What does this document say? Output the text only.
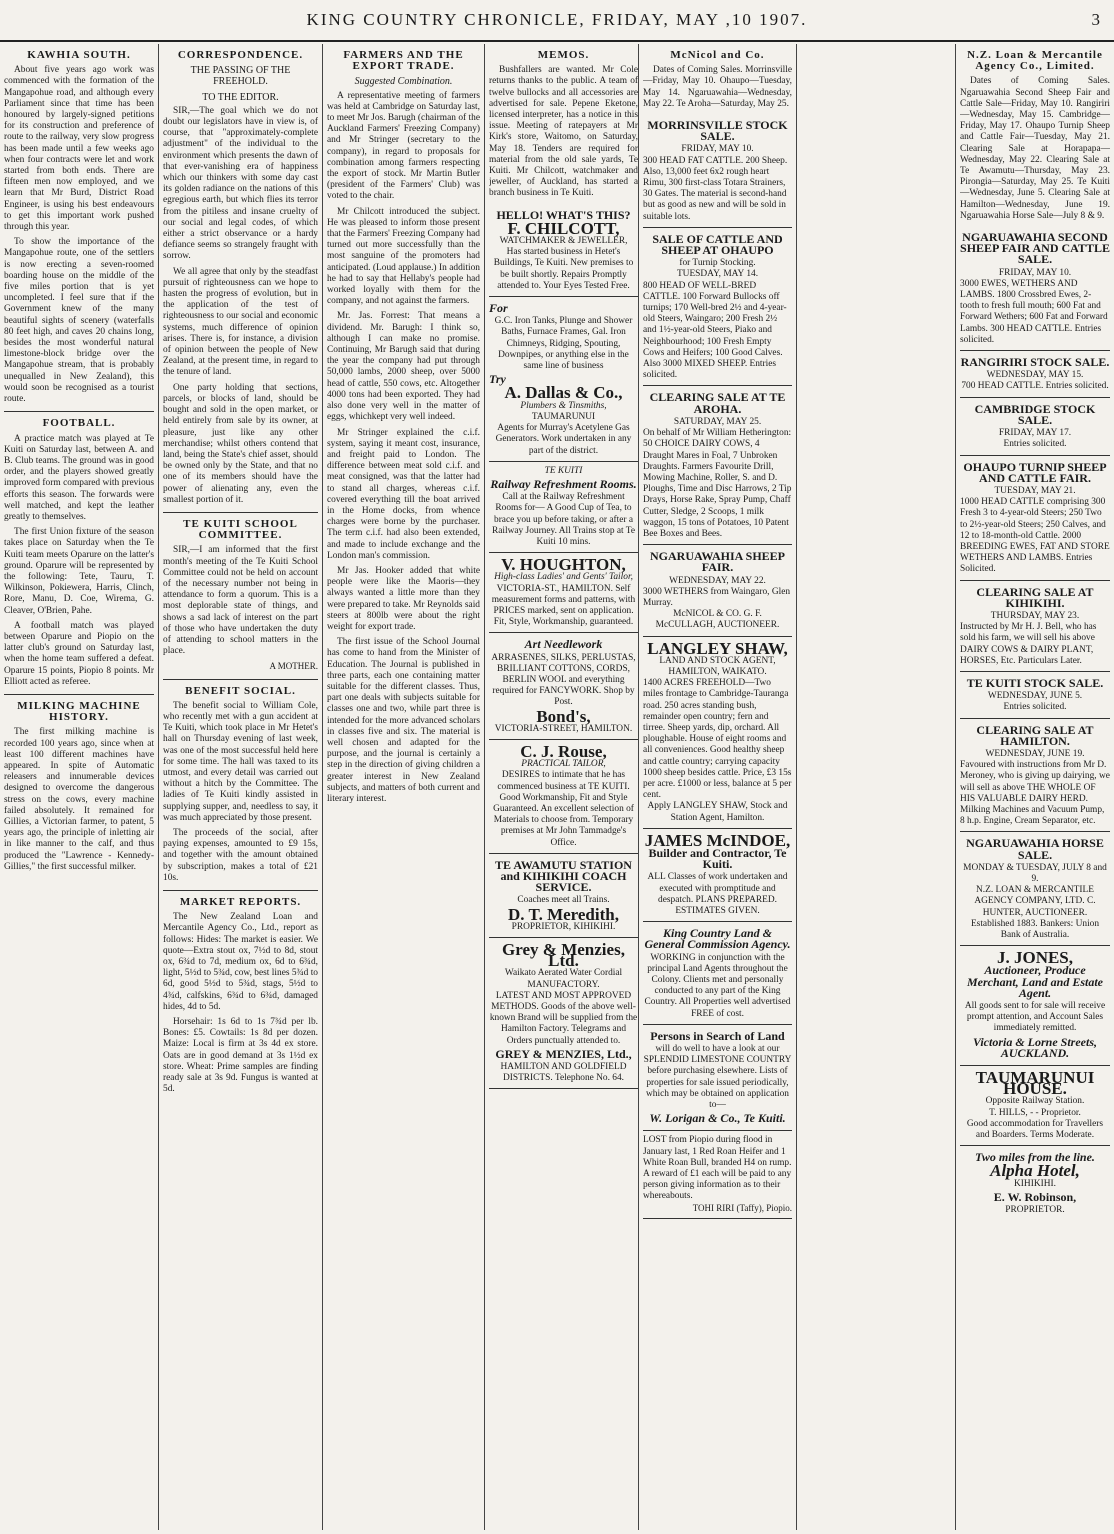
KING COUNTRY CHRONICLE, FRIDAY, MAY ,10 1907.	3
KAWHIA SOUTH.

About five years ago work was commenced with the formation of the Mangapohue road, and although every Parliament since that time has been honoured by largely-signed petitions for its construction and preference of route to the railway, very slow progress has been made until a few weeks ago when four contracts were let and work started from both ends. There are fifteen men now employed, and we learn that Mr Burd, District Road Engineer, is using his best endeavours to get this important work pushed through this year.

To show the importance of the Mangapohue route, one of the settlers is now erecting a seven-roomed boarding house on the middle of the five miles portion that is yet uncompleted. I feel sure that if the Government knew of the many beautiful sights of scenery (waterfalls 80 feet high, and caves 20 chains long, besides the most wonderful natural limestone-block bridge over the Mangapohue stream, that is probably unequalled in New Zealand), this would soon be recognised as a tourist route.

FOOTBALL.

A practice match was played at Te Kuiti on Saturday last, between A. and B. Club teams. The ground was in good order, and the players showed greatly improved form compared with previous efforts this season. The forwards were well matched, and kept the leather greatly to themselves.

The first Union fixture of the season takes place on Saturday when the Te Kuiti team meets Oparure on the latter's ground. Oparure will be represented by the following: Tete, Tauru, T. Wilkinson, Pokiewera, Harris, Clinch, Rore, Manu, D. Coe, Wirema, G. Cleaver, O'Brien, Pahe.

A football match was played between Oparure and Piopio on the latter club's ground on Saturday last, when the home team suffered a defeat. Oparure 15 points, Piopio 8 points. Mr Elliott acted as referee.

MILKING MACHINE HISTORY.

The first milking machine is recorded 100 years ago, since when at least 100 different machines have appeared. In spite of Automatic releasers and innumerable devices designed to overcome the dangerous stress on the cows, every machine failed absolutely. It remained for Gillies, a Victorian farmer, to patent, 5 years ago, the principle of inletting air in like manner to the calf, and thus produced the "Lawrence - Kennedy-Gillies," the first successful milker.

CORRESPONDENCE.
THE PASSING OF THE FREEHOLD.
TO THE EDITOR.

SIR,—The goal which we do not doubt our legislators have in view is, of course, that "approximately-complete adjustment" of the individual to the environment which presents the dawn of that ever-vanishing era of happiness which our thinkers with some day cast its golden radiance on the nations of this egregious earth, but which flies its terror from the pitiless and insane cruelty of our social and legal codes, of which either a strict observance or a hardy defiance seems so strangely fraught with sorrow.

We all agree that only by the steadfast pursuit of righteousness can we hope to hasten the progress of evolution, but in the application of the test of righteousness to our social and economic systems, much difference of opinion arises. There is, for instance, a division of opinion between the people of New Zealand, at the present time, in regard to the tenure of land.

One party holding that sections, parcels, or blocks of land, should be bought and sold in the open market, or held entirely from sale by its owner, at pleasure, just like any other merchandise; whilst others contend that land, being the State's chief asset, should be owned only by the State, and that no one of its members should have the power of alienating any, even the smallest portion of it.

TE KUITI SCHOOL COMMITTEE.

SIR,—I am informed that the first month's meeting of the Te Kuiti School Committee could not be held on account of the necessary number not being in attendance to form a quorum. This is a most deplorable state of things, and shows a sad lack of interest on the part of those who have undertaken the duty of attending to school matters in the place.

A MOTHER.
BENEFIT SOCIAL.

The benefit social to William Cole, who recently met with a gun accident at Te Kuiti, which took place in Mr Hetet's hall on Thursday evening of last week, was one of the most successful held here for some time. The hall was taxed to its utmost, and every detail was carried out without a hitch by the Committee. The ladies of Te Kuiti kindly assisted in supplying supper, and, needless to say, it was much appreciated by those present.

The proceeds of the social, after paying expenses, amounted to £9 15s, and together with the amount obtained by subscription, makes a total of £21 10s.

MARKET REPORTS.

The New Zealand Loan and Mercantile Agency Co., Ltd., report as follows: Hides: The market is easier. We quote—Extra stout ox, 7½d to 8d, stout ox, 6¾d to 7d, medium ox, 6d to 6¾d, light, 5½d to 5¾d, cow, best lines 5¾d to 6d, good 5½d to 5¾d, stags, 5½d to 4¾d, calfskins, 6¾d to 6¾d, damaged hides, 4d to 5d.

Horsehair: 1s 6d to 1s 7¾d per lb. Bones: £5. Cowtails: 1s 8d per dozen. Maize: Local is firm at 3s 4d ex store. Oats are in good demand at 3s 1½d ex store. Wheat: Prime samples are finding ready sale at 3s 9d. Fungus is wanted at 5d.

FARMERS AND THE EXPORT TRADE.
Suggested Combination.

A representative meeting of farmers was held at Cambridge on Saturday last, to meet Mr Jos. Barugh (chairman of the Auckland Farmers' Freezing Company) and Mr Stringer (secretary to the company), in regard to proposals for combination among farmers respecting the export of stock. Mr Martin Butler (president of the Farmers' Club) was voted to the chair.

Mr Chilcott introduced the subject. He was pleased to inform those present that the Farmers' Freezing Company had turned out more successfully than the most sanguine of the promoters had anticipated. (Loud applause.) In addition he had to say that Hellaby's people had worked loyally with them for the company, and not against the farmers.

Mr. Jas. Forrest: That means a dividend. Mr. Barugh: I think so, although I can make no promise. Continuing, Mr Barugh said that during the year the company had put through 50,000 lambs, 2000 sheep, over 5000 head of cattle, 550 cows, etc. Altogether 4000 tons had been exported. They had also done very well in the matter of eggs, whichkept very well indeed.

Mr Stringer explained the c.i.f. system, saying it meant cost, insurance, and freight paid to London. The difference between meat sold c.i.f. and meat consigned, was that the latter had to stand all charges, whereas c.i.f. covered everything till the boat arrived in the Home docks, from whence charges were borne by the purchaser. The term c.i.f. had also been extended, and made to include exchange and the London man's commission.

Mr Jas. Hooker added that white people were like the Maoris—they always wanted a little more than they were prepared to take. Mr Reynolds said steers at 800lb were about the right weight for export trade.

The first issue of the School Journal has come to hand from the Minister of Education. The Journal is published in three parts, each one containing matter suitable for the different classes. Thus, part one deals with subjects suitable for classes one and two, while part three is intended for the more advanced scholars in classes five and six. The material is well chosen and adapted for the purpose, and the journal is certainly a step in the direction of giving children a greater interest in New Zealand subjects, and matters of both current and literary interest.

MEMOS.

Bushfallers are wanted. Mr Cole returns thanks to the public. A team of twelve bullocks and all accessories are advertised for sale. Pepene Eketone, licensed interpreter, has a notice in this issue. Meeting of ratepayers at Mr Kirk's store, Waitomo, on Saturday, May 18. Tenders are required for material from the old sale yards, Te Kuiti. Mr Chilcott, watchmaker and jeweller, of Auckland, has started a branch business in Te Kuiti.

HELLO! WHAT'S THIS?
F. CHILCOTT,
WATCHMAKER & JEWELLER,
Has started business in Hetet's Buildings, Te Kuiti. New premises to be built shortly. Repairs Promptly attended to. Your Eyes Tested Free.
For
G.C. Iron Tanks, Plunge and Shower Baths, Furnace Frames, Gal. Iron Chimneys, Ridging, Spouting, Downpipes, or anything else in the same line of business
Try
A. Dallas & Co.,
Plumbers & Tinsmiths,
TAUMARUNUI
Agents for Murray's Acetylene Gas Generators. Work undertaken in any part of the district.
TE KUITI
Railway Refreshment Rooms.
Call at the Railway Refreshment Rooms for— A Good Cup of Tea, to brace you up before taking, or after a Railway Journey. All Trains stop at Te Kuiti 10 mins.
V. HOUGHTON,
High-class Ladies' and Gents' Tailor,
VICTORIA-ST., HAMILTON. Self measurement forms and patterns, with PRICES marked, sent on application. Fit, Style, Workmanship, guaranteed.
Art Needlework
ARRASENES, SILKS, PERLUSTAS, BRILLIANT COTTONS, CORDS, BERLIN WOOL and everything required for FANCYWORK. Shop by Post.
Bond's,
VICTORIA-STREET, HAMILTON.
C. J. Rouse,
PRACTICAL TAILOR,
DESIRES to intimate that he has commenced business at TE KUITI. Good Workmanship, Fit and Style Guaranteed. An excellent selection of Materials to choose from. Temporary premises at Mr John Tammadge's Office.
TE AWAMUTU STATION and KIHIKIHI COACH SERVICE.
Coaches meet all Trains.
D. T. Meredith,
PROPRIETOR, KIHIKIHI.
Grey & Menzies, Ltd.
Waikato Aerated Water Cordial MANUFACTORY.
LATEST AND MOST APPROVED METHODS. Goods of the above well-known Brand will be supplied from the Hamilton Factory. Telegrams and Orders punctually attended to.
GREY & MENZIES, Ltd.,
HAMILTON AND GOLDFIELD DISTRICTS. Telephone No. 64.
McNicol and Co.

Dates of Coming Sales. Morrinsville—Friday, May 10. Ohaupo—Tuesday, May 14. Ngaruawahia—Wednesday, May 22. Te Aroha—Saturday, May 25.

MORRINSVILLE STOCK SALE.
FRIDAY, MAY 10.
300 HEAD FAT CATTLE. 200 Sheep. Also, 13,000 feet 6x2 rough heart Rimu, 300 first-class Totara Strainers, 30 Gates. The material is second-hand but as good as new and will be sold in suitable lots.
SALE OF CATTLE AND SHEEP AT OHAUPO
for Turnip Stocking.
TUESDAY, MAY 14.
800 HEAD OF WELL-BRED CATTLE. 100 Forward Bullocks off turnips; 170 Well-bred 2½ and 4-year-old Steers, Waingaro; 200 Fresh 2½ and 1½-year-old Steers, Piako and Neighbourhood; 100 Fresh Empty Cows and Heifers; 100 Good Calves. Also 3000 MIXED SHEEP. Entries solicited.
CLEARING SALE AT TE AROHA.
SATURDAY, MAY 25.
On behalf of Mr William Hetherington: 50 CHOICE DAIRY COWS, 4 Draught Mares in Foal, 7 Unbroken Draughts. Farmers Favourite Drill, Mowing Machine, Roller, S. and D. Ploughs, Time and Disc Harrows, 2 Tip Drays, Horse Rake, Spray Pump, Chaff Cutter, Sledge, 2 Scoops, 1 milk waggon, 15 tons of Potatoes, 10 Patent Bee Boxes and Bees.
NGARUAWAHIA SHEEP FAIR.
WEDNESDAY, MAY 22.
3000 WETHERS from Waingaro, Glen Murray.
McNICOL & CO. G. F. McCULLAGH, AUCTIONEER.
LANGLEY SHAW,
LAND AND STOCK AGENT, HAMILTON, WAIKATO.
1400 ACRES FREEHOLD—Two miles frontage to Cambridge-Tauranga road. 250 acres standing bush, remainder open country; fern and tirree. Sheep yards, dip, orchard. All ploughable. House of eight rooms and all conveniences. Good healthy sheep and cattle country; carrying capacity 1000 sheep besides cattle. Price, £3 15s per acre. £1000 or less, balance at 5 per cent.
Apply LANGLEY SHAW, Stock and Station Agent, Hamilton.
JAMES McINDOE,
Builder and Contractor, Te Kuiti.
ALL Classes of work undertaken and executed with promptitude and despatch. PLANS PREPARED. ESTIMATES GIVEN.
King Country Land & General Commission Agency.
WORKING in conjunction with the principal Land Agents throughout the Colony. Clients met and personally conducted to any part of the King Country. All Properties well advertised FREE of cost.
Persons in Search of Land
will do well to have a look at our SPLENDID LIMESTONE COUNTRY before purchasing elsewhere. Lists of properties for sale issued periodically, which may be obtained on application to—
W. Lorigan & Co., Te Kuiti.
LOST from Piopio during flood in January last, 1 Red Roan Heifer and 1 White Roan Bull, branded H4 on rump. A reward of £1 each will be paid to any person giving information as to their whereabouts.
TOHI RIRI (Taffy), Piopio.
N.Z. Loan & Mercantile Agency Co., Limited.

Dates of Coming Sales. Ngaruawahia Second Sheep Fair and Cattle Sale—Friday, May 10. Rangiriri—Wednesday, May 15. Cambridge—Friday, May 17. Ohaupo Turnip Sheep and Cattle Fair—Tuesday, May 21. Clearing Sale at Horapapa—Wednesday, May 22. Clearing Sale at Te Awamutu—Thursday, May 23. Pirongia—Saturday, May 25. Te Kuiti—Wednesday, June 5. Clearing Sale at Hamilton—Wednesday, June 19. Ngaruawahia Horse Sale—July 8 & 9.

NGARUAWAHIA SECOND SHEEP FAIR AND CATTLE SALE.
FRIDAY, MAY 10.
3000 EWES, WETHERS AND LAMBS. 1800 Crossbred Ewes, 2-tooth to fresh full mouth; 600 Fat and Forward Wethers; 600 Fat and Forward Lambs. 300 HEAD CATTLE. Entries solicited.
RANGIRIRI STOCK SALE.
WEDNESDAY, MAY 15.
700 HEAD CATTLE. Entries solicited.
CAMBRIDGE STOCK SALE.
FRIDAY, MAY 17.
Entries solicited.
OHAUPO TURNIP SHEEP AND CATTLE FAIR.
TUESDAY, MAY 21.
1000 HEAD CATTLE comprising 300 Fresh 3 to 4-year-old Steers; 250 Two to 2½-year-old Steers; 250 Calves, and 12 to 18-month-old Cattle. 2000 BREEDING EWES, FAT AND STORE WETHERS AND LAMBS. Entries Solicited.
CLEARING SALE AT KIHIKIHI.
THURSDAY, MAY 23.
Instructed by Mr H. J. Bell, who has sold his farm, we will sell his above DAIRY COWS & DAIRY PLANT, HORSES, Etc. Particulars Later.
TE KUITI STOCK SALE.
WEDNESDAY, JUNE 5.
Entries solicited.
CLEARING SALE AT HAMILTON.
WEDNESDAY, JUNE 19.
Favoured with instructions from Mr D. Meroney, who is giving up dairying, we will sell as above THE WHOLE OF HIS VALUABLE DAIRY HERD. Milking Machines and Vacuum Pump, 8 h.p. Engine, Cream Separator, etc.
NGARUAWAHIA HORSE SALE.
MONDAY & TUESDAY, JULY 8 and 9.
N.Z. LOAN & MERCANTILE AGENCY COMPANY, LTD. C. HUNTER, AUCTIONEER.
Established 1883. Bankers: Union Bank of Australia.
J. JONES,
Auctioneer, Produce Merchant, Land and Estate Agent.
All goods sent to for sale will receive prompt attention, and Account Sales immediately remitted.
Victoria & Lorne Streets, AUCKLAND.
TAUMARUNUI HOUSE.
Opposite Railway Station.
T. HILLS, - - Proprietor.
Good accommodation for Travellers and Boarders. Terms Moderate.
Two miles from the line.
Alpha Hotel,
KIHIKIHI.
E. W. Robinson,
PROPRIETOR.
